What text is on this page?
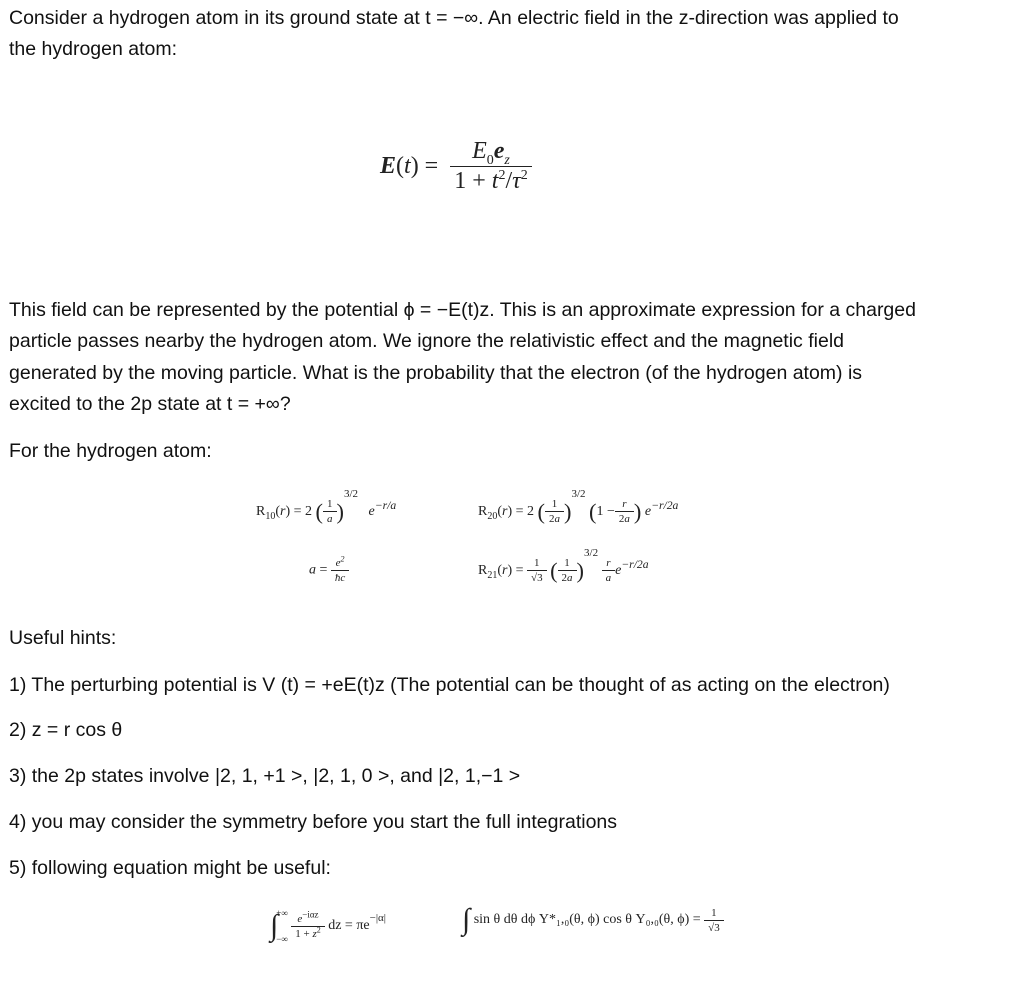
Consider a hydrogen atom in its ground state at t = −∞. An electric field in the z-direction was applied to

the hydrogen atom:

$E(t) = \frac{E_0e_z}{1 + t^2/\tau^2}$

This field can be represented by the potential ϕ = −E(t)z. This is an approximate expression for a charged

particle passes nearby the hydrogen atom. We ignore the relativistic effect and the magnetic field

generated by the moving particle. What is the probability that the electron (of the hydrogen atom) is

excited to the 2p state at t = +∞?

For the hydrogen atom:

$R_{10}(r) = 2$ ( $\frac{1}{a} )^{3/2}$   $e^{-r/a}$	$R_{20}(r) = 2$ ( $\frac{1}{2a} )^{3/2}$ ($1 - \frac{r}{2a}$ ) $e^{-r/2a}$
$a = \frac{e^2}{ħc}$	$R_{21}(r) = \frac{1}{√3}$ ( $\frac{1}{2a} )^{3/2}$
$\frac{r}{a} e^{-r/2a}$

Useful hints:

1) The perturbing potential is V (t) = +eE(t)z (The potential can be thought of as acting on the electron)

2) z = r cos θ

3) the 2p states involve |2, 1, +1 >, |2, 1, 0 >, and |2, 1,−1 >

4) you may consider the symmetry before you start the full integrations

5) following equation might be useful:

∫
+∞
−∞
$\frac{e^{-i\alpha z}}{1 + z^2}$ dz = $\pi e^{-|\alpha|}$	∫ sin θ dθ dϕ Y*₁,₀(θ, ϕ) cos θ Y₀,₀(θ, $\phi) = \frac{1}{√3}$
